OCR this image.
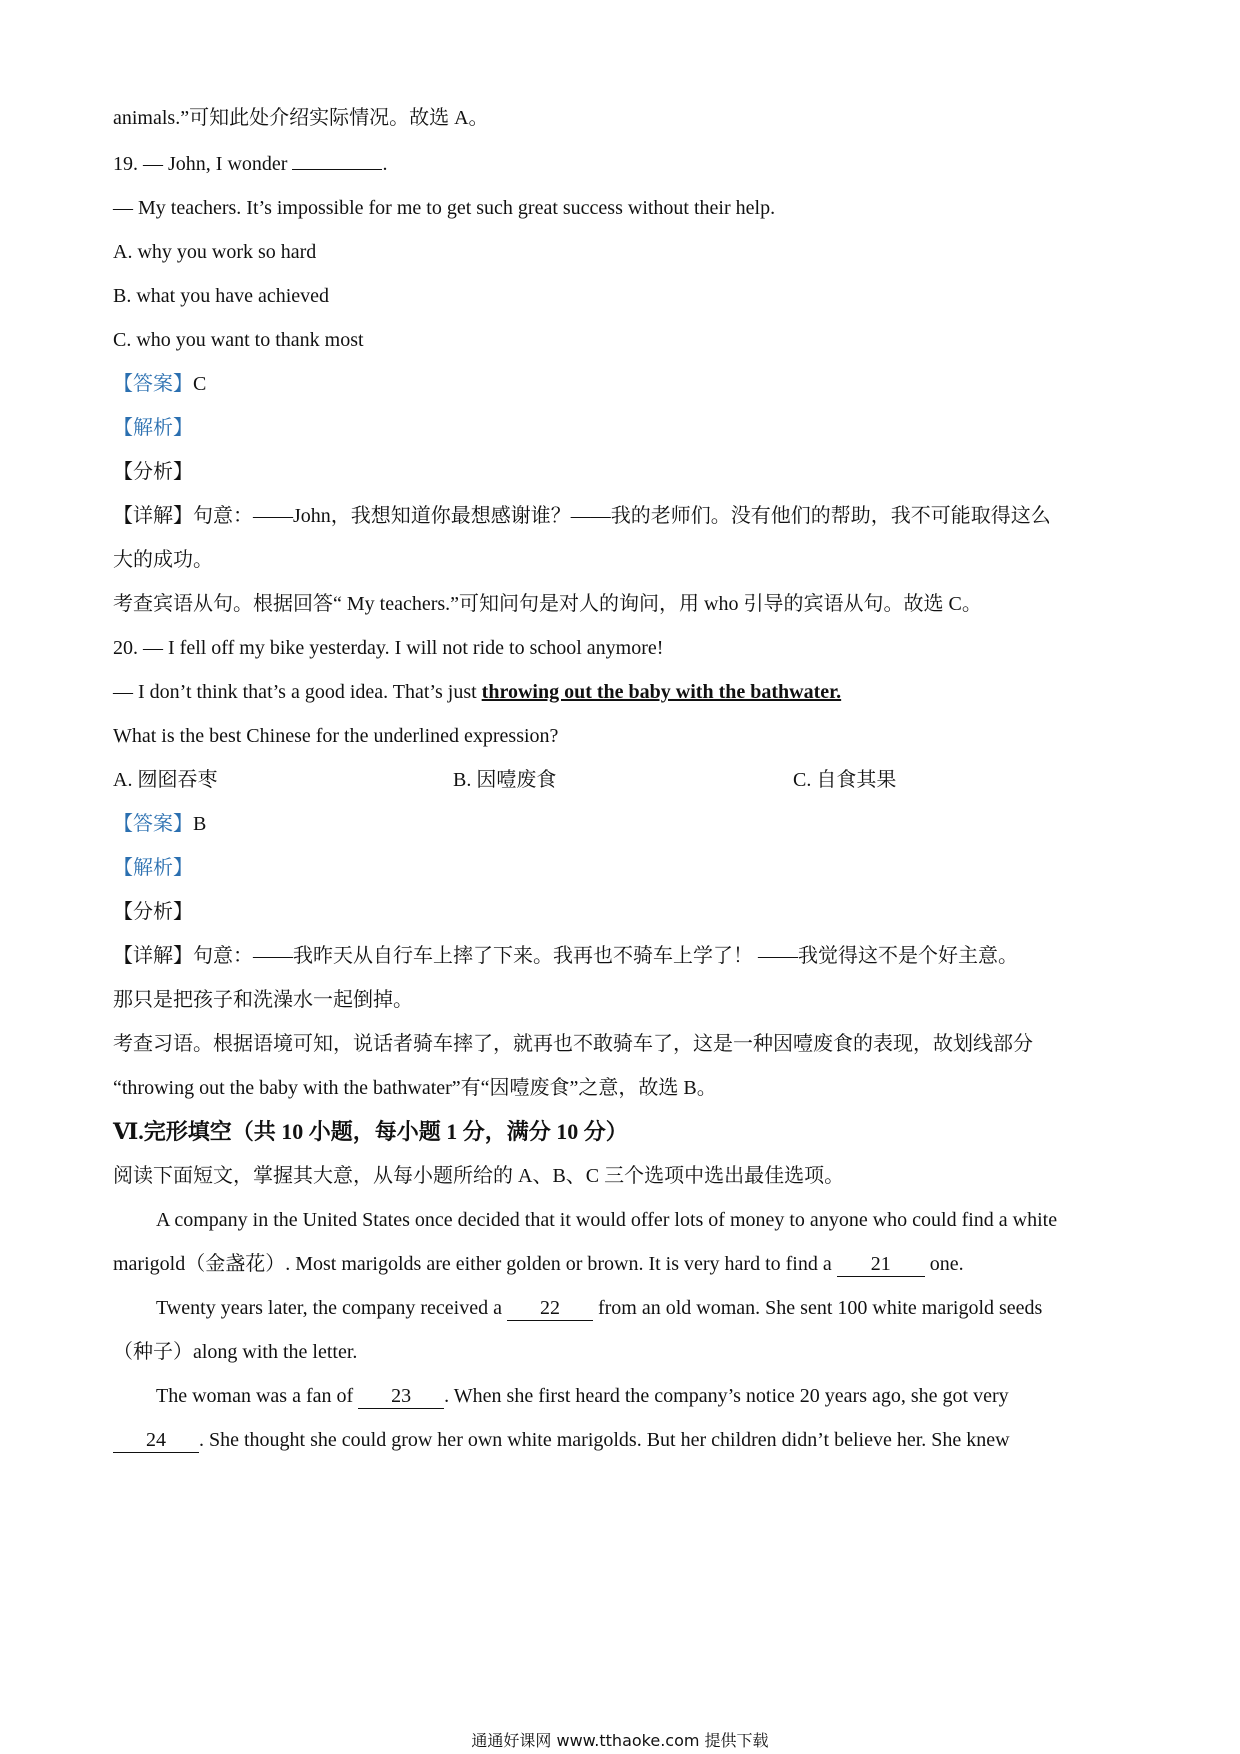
animals.”可知此处介绍实际情况。故选 A。
19. — John, I wonder	.
— My teachers. It’s impossible for me to get such great success without their help.
A. why you work so hard
B. what you have achieved
C. who you want to thank most
【答案】C
【解析】
【分析】
【详解】句意：——John，我想知道你最想感谢谁？——我的老师们。没有他们的帮助，我不可能取得这么
大的成功。
考查宾语从句。根据回答“ My teachers.”可知问句是对人的询问，用 who 引导的宾语从句。故选 C。
20. — I fell off my bike yesterday. I will not ride to school anymore!
— I don’t think that’s a good idea. That’s just throwing out the baby with the bathwater.
What is the best Chinese for the underlined expression?
A. 囫囵吞枣	B. 因噎废食	C. 自食其果
【答案】B
【解析】
【分析】
【详解】句意：——我昨天从自行车上摔了下来。我再也不骑车上学了！ ——我觉得这不是个好主意。
那只是把孩子和洗澡水一起倒掉。
考查习语。根据语境可知，说话者骑车摔了，就再也不敢骑车了，这是一种因噎废食的表现，故划线部分
“throwing out the baby with the bathwater”有“因噎废食”之意，故选 B。
Ⅵ.完形填空（共 10 小题，每小题 1 分，满分 10 分）
阅读下面短文，掌握其大意，从每小题所给的 A、B、C 三个选项中选出最佳选项。
A company in the United States once decided that it would offer lots of money to anyone who could find a white
marigold（金盏花）. Most marigolds are either golden or brown. It is very hard to find a 21 one.
Twenty years later, the company received a 22 from an old woman. She sent 100 white marigold seeds
（种子）along with the letter.
The woman was a fan of 23 . When she first heard the company’s notice 20 years ago, she got very
24 . She thought she could grow her own white marigolds. But her children didn’t believe her. She knew
通通好课网 www.tthaoke.com 提供下载
